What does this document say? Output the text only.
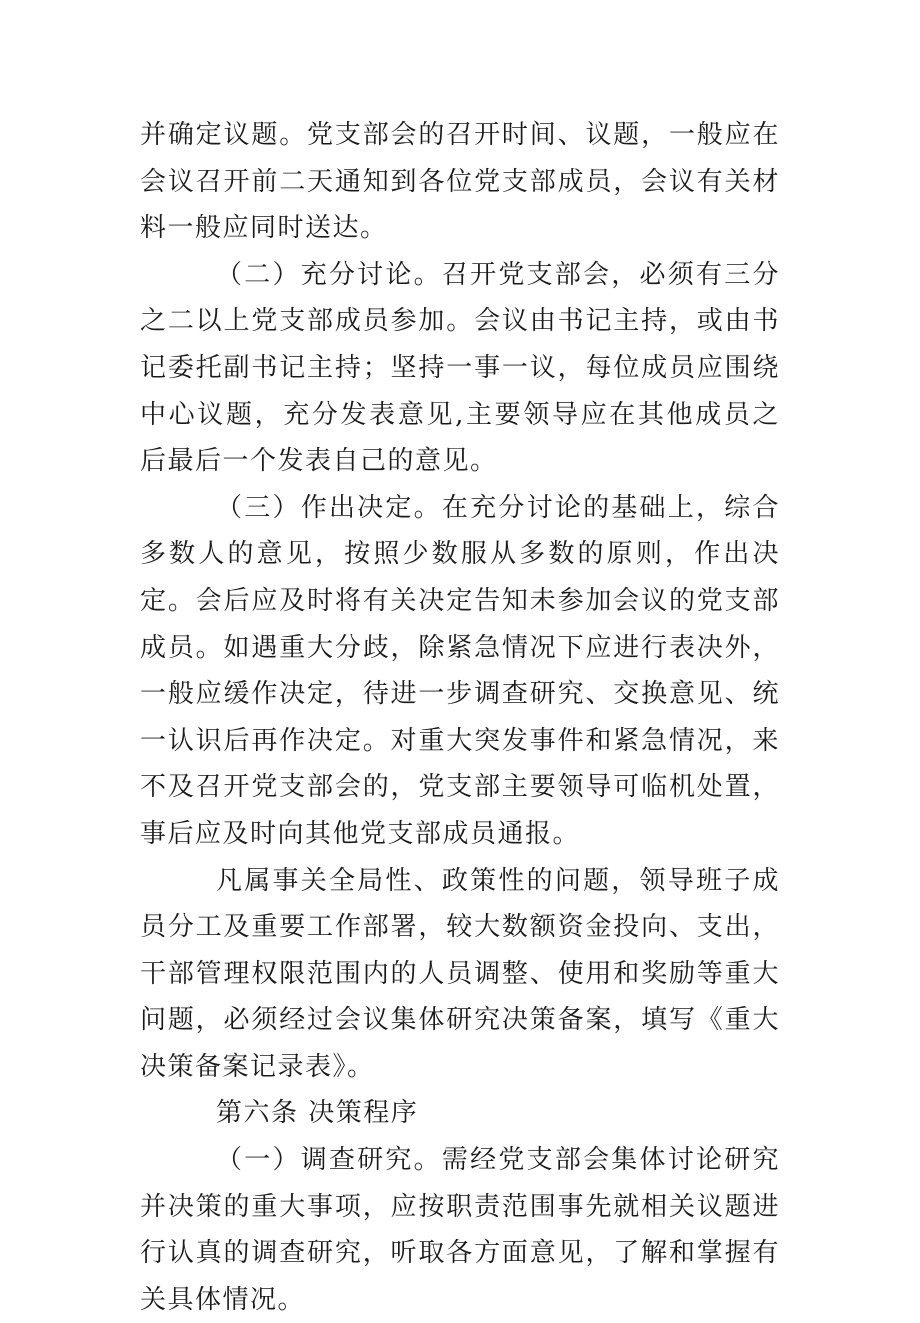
并确定议题。党支部会的召开时间、议题，一般应在会议召开前二天通知到各位党支部成员，会议有关材料一般应同时送达。

（二）充分讨论。召开党支部会，必须有三分之二以上党支部成员参加。会议由书记主持，或由书记委托副书记主持；坚持一事一议，每位成员应围绕中心议题，充分发表意见,主要领导应在其他成员之后最后一个发表自己的意见。

（三）作出决定。在充分讨论的基础上，综合多数人的意见，按照少数服从多数的原则，作出决定。会后应及时将有关决定告知未参加会议的党支部成员。如遇重大分歧，除紧急情况下应进行表决外，一般应缓作决定，待进一步调查研究、交换意见、统一认识后再作决定。对重大突发事件和紧急情况，来不及召开党支部会的，党支部主要领导可临机处置，事后应及时向其他党支部成员通报。

凡属事关全局性、政策性的问题，领导班子成员分工及重要工作部署，较大数额资金投向、支出，干部管理权限范围内的人员调整、使用和奖励等重大问题，必须经过会议集体研究决策备案，填写《重大决策备案记录表》。

第六条 决策程序

（一）调查研究。需经党支部会集体讨论研究并决策的重大事项，应按职责范围事先就相关议题进行认真的调查研究，听取各方面意见，了解和掌握有关具体情况。
